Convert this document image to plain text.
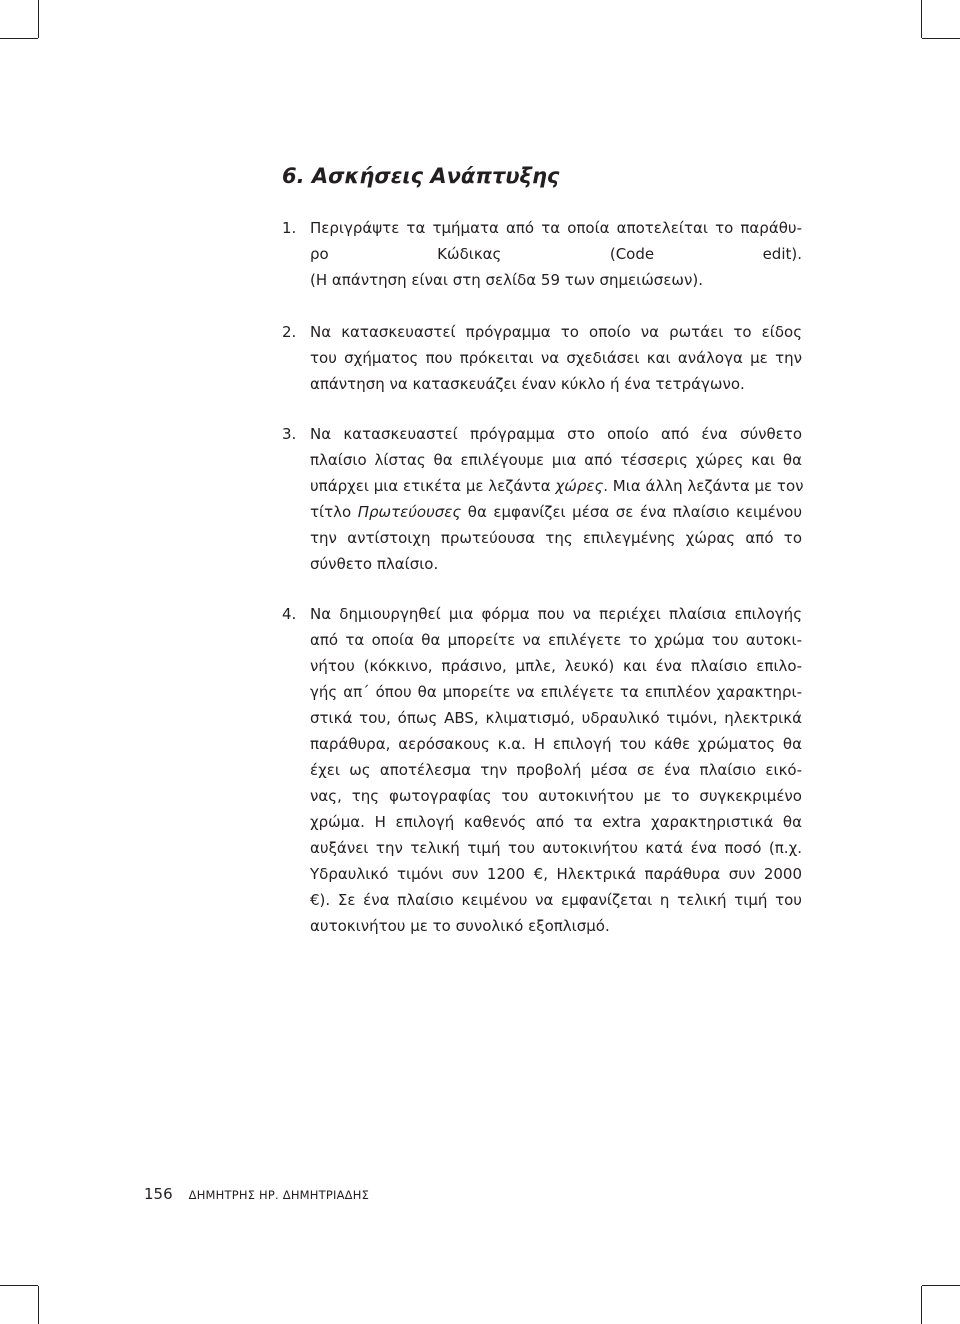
6. Ασκήσεις Ανάπτυξης
1. Περιγράψτε τα τμήματα από τα οποία αποτελείται το παράθυ-
ρο Κώδικας (Code edit).
(Η απάντηση είναι στη σελίδα 59 των σημειώσεων).
2. Να κατασκευαστεί πρόγραμμα το οποίο να ρωτάει το είδος
του σχήματος που πρόκειται να σχεδιάσει και ανάλογα με την
απάντηση να κατασκευάζει έναν κύκλο ή ένα τετράγωνο.
3. Να κατασκευαστεί πρόγραμμα στο οποίο από ένα σύνθετο
πλαίσιο λίστας θα επιλέγουμε μια από τέσσερις χώρες και θα
υπάρχει μια ετικέτα με λεζάντα χώρες. Μια άλλη λεζάντα με τον
τίτλο Πρωτεύουσες θα εμφανίζει μέσα σε ένα πλαίσιο κειμένου
την αντίστοιχη πρωτεύουσα της επιλεγμένης χώρας από το
σύνθετο πλαίσιο.
4. Να δημιουργηθεί μια φόρμα που να περιέχει πλαίσια επιλογής
από τα οποία θα μπορείτε να επιλέγετε το χρώμα του αυτοκι-
νήτου (κόκκινο, πράσινο, μπλε, λευκό) και ένα πλαίσιο επιλο-
γής απ΄ όπου θα μπορείτε να επιλέγετε τα επιπλέον χαρακτηρι-
στικά του, όπως ABS, κλιματισμό, υδραυλικό τιμόνι, ηλεκτρικά
παράθυρα, αερόσακους κ.α. Η επιλογή του κάθε χρώματος θα
έχει ως αποτέλεσμα την προβολή μέσα σε ένα πλαίσιο εικό-
νας, της φωτογραφίας του αυτοκινήτου με το συγκεκριμένο
χρώμα. Η επιλογή καθενός από τα extra χαρακτηριστικά θα
αυξάνει την τελική τιμή του αυτοκινήτου κατά ένα ποσό (π.χ.
Υδραυλικό τιμόνι συν 1200 €, Ηλεκτρικά παράθυρα συν 2000
€). Σε ένα πλαίσιο κειμένου να εμφανίζεται η τελική τιμή του
αυτοκινήτου με το συνολικό εξοπλισμό.
156 ΔΗΜΗΤΡΗΣ ΗΡ. ΔΗΜΗΤΡΙΑΔΗΣ
